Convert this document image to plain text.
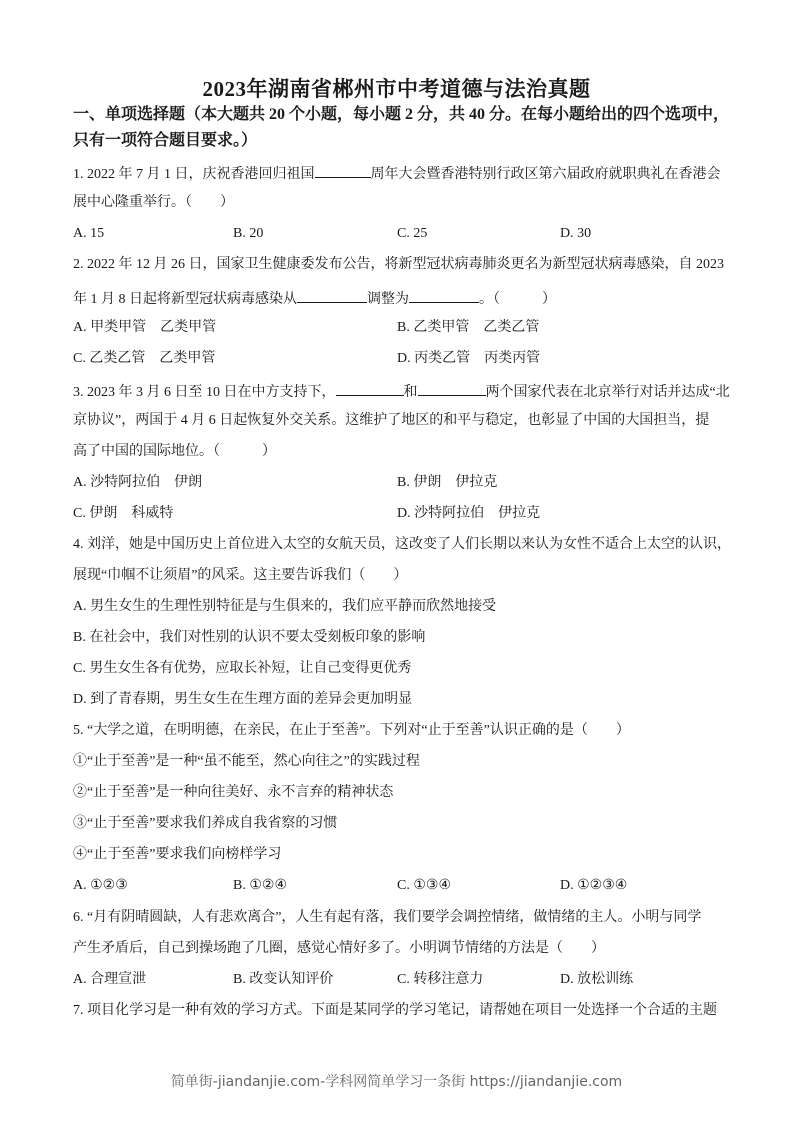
2023年湖南省郴州市中考道德与法治真题
一、单项选择题（本大题共 20 个小题，每小题 2 分，共 40 分。在每小题给出的四个选项中，
只有一项符合题目要求。）
1. 2022 年 7 月 1 日，庆祝香港回归祖国	周年大会暨香港特别行政区第六届政府就职典礼在香港会
展中心隆重举行。（　　）
A. 15	B. 20	C. 25	D. 30
2. 2022 年 12 月 26 日，国家卫生健康委发布公告，将新型冠状病毒肺炎更名为新型冠状病毒感染，自 2023
年 1 月 8 日起将新型冠状病毒感染从	调整为	。（　　　）
A. 甲类甲管　乙类甲管	B. 乙类甲管　乙类乙管
C. 乙类乙管　乙类甲管	D. 丙类乙管　丙类丙管
3. 2023 年 3 月 6 日至 10 日在中方支持下，	和	两个国家代表在北京举行对话并达成“北
京协议”，两国于 4 月 6 日起恢复外交关系。这维护了地区的和平与稳定，也彰显了中国的大国担当，提
高了中国的国际地位。（　　　）
A. 沙特阿拉伯　伊朗	B. 伊朗　伊拉克
C. 伊朗　科威特	D. 沙特阿拉伯　伊拉克
4. 刘洋，她是中国历史上首位进入太空的女航天员，这改变了人们长期以来认为女性不适合上太空的认识，
展现“巾帼不让须眉”的风采。这主要告诉我们（　　）
A. 男生女生的生理性别特征是与生俱来的，我们应平静而欣然地接受
B. 在社会中，我们对性别的认识不要太受刻板印象的影响
C. 男生女生各有优势，应取长补短，让自己变得更优秀
D. 到了青春期，男生女生在生理方面的差异会更加明显
5. “大学之道，在明明德，在亲民，在止于至善”。下列对“止于至善”认识正确的是（　　）
①“止于至善”是一种“虽不能至，然心向往之”的实践过程
②“止于至善”是一种向往美好、永不言弃的精神状态
③“止于至善”要求我们养成自我省察的习惯
④“止于至善”要求我们向榜样学习
A. ①②③	B. ①②④	C. ①③④	D. ①②③④
6. “月有阴晴圆缺，人有悲欢离合”，人生有起有落，我们要学会调控情绪，做情绪的主人。小明与同学
产生矛盾后，自己到操场跑了几圈，感觉心情好多了。小明调节情绪的方法是（　　）
A. 合理宣泄	B. 改变认知评价	C. 转移注意力	D. 放松训练
7. 项目化学习是一种有效的学习方式。下面是某同学的学习笔记，请帮她在项目一处选择一个合适的主题
简单街-jiandanjie.com-学科网简单学习一条街 https://jiandanjie.com
